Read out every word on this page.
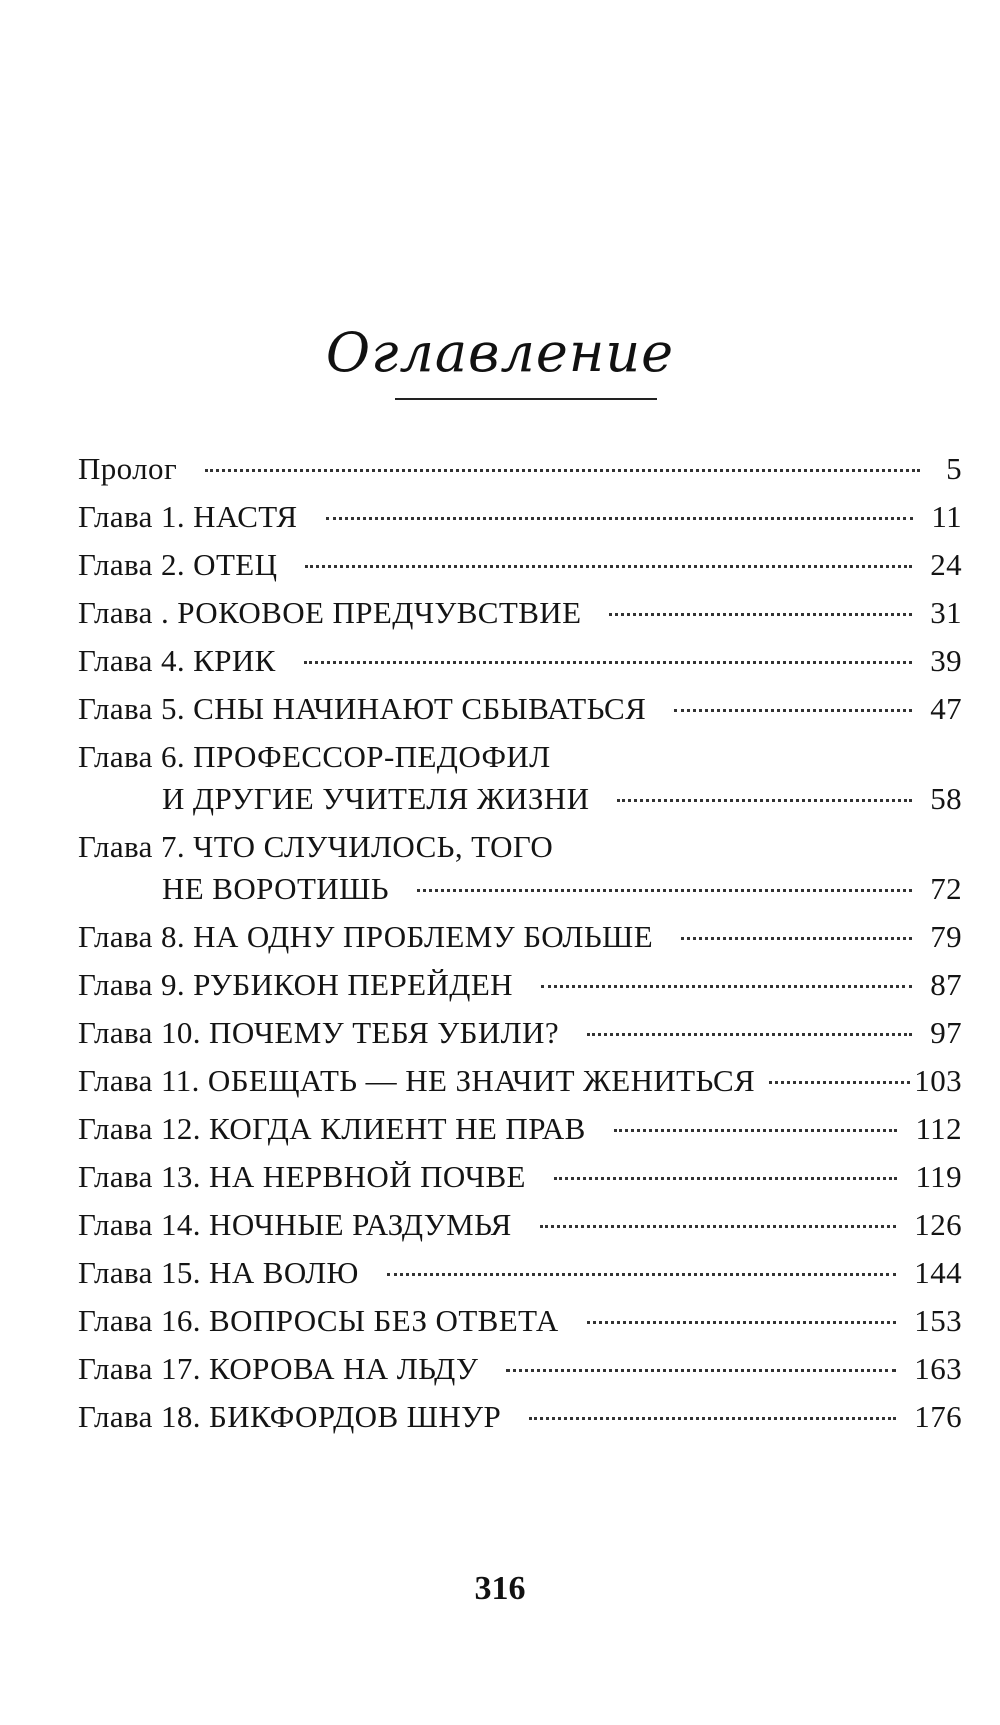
Оглавление
Пролог	5
Глава 1. НАСТЯ	11
Глава 2. ОТЕЦ	24
Глава . РОКОВОЕ ПРЕДЧУВСТВИЕ	31
Глава 4. КРИК	39
Глава 5. СНЫ НАЧИНАЮТ СБЫВАТЬСЯ	47
Глава 6. ПРОФЕССОР-ПЕДОФИЛ
И ДРУГИЕ УЧИТЕЛЯ ЖИЗНИ	58
Глава 7. ЧТО СЛУЧИЛОСЬ, ТОГО
НЕ ВОРОТИШЬ	72
Глава 8. НА ОДНУ ПРОБЛЕМУ БОЛЬШЕ	79
Глава 9. РУБИКОН ПЕРЕЙДЕН	87
Глава 10. ПОЧЕМУ ТЕБЯ УБИЛИ?	97
Глава 11. ОБЕЩАТЬ — НЕ ЗНАЧИТ ЖЕНИТЬСЯ	103
Глава 12. КОГДА КЛИЕНТ НЕ ПРАВ	112
Глава 13. НА НЕРВНОЙ ПОЧВЕ	119
Глава 14. НОЧНЫЕ РАЗДУМЬЯ	126
Глава 15. НА ВОЛЮ	144
Глава 16. ВОПРОСЫ БЕЗ ОТВЕТА	153
Глава 17. КОРОВА НА ЛЬДУ	163
Глава 18. БИКФОРДОВ ШНУР	176
316
